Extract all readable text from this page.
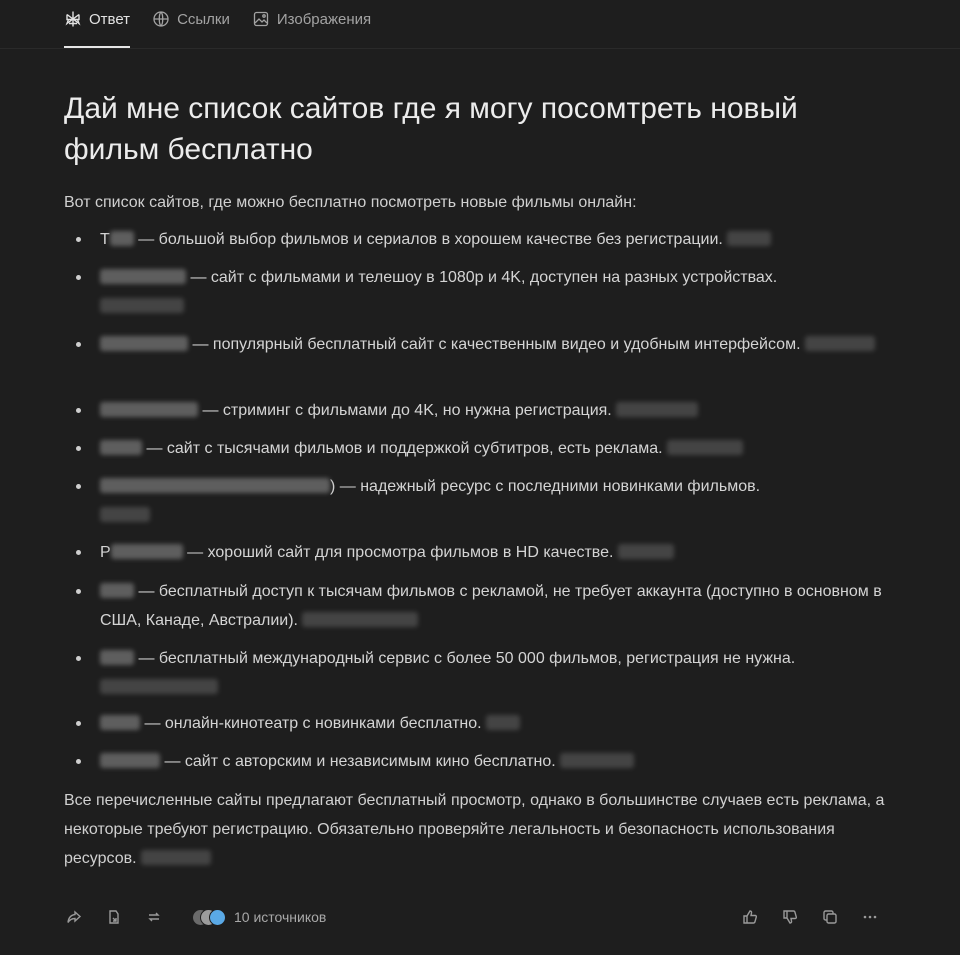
Ответ	Ссылки	Изображения
Дай мне список сайтов где я могу посомтреть новый фильм бесплатно

Вот список сайтов, где можно бесплатно посмотреть новые фильмы онлайн:

T — большой выбор фильмов и сериалов в хорошем качестве без регистрации.
— сайт с фильмами и телешоу в 1080p и 4K, доступен на разных устройствах.

— популярный бесплатный сайт с качественным видео и удобным интерфейсом.
— стриминг с фильмами до 4K, но нужна регистрация.
— сайт с тысячами фильмов и поддержкой субтитров, есть реклама.
) — надежный ресурс с последними новинками фильмов.

P	— хороший сайт для просмотра фильмов в HD качестве.
— бесплатный доступ к тысячам фильмов с рекламой, не требует аккаунта (доступно в основном в США, Канаде, Австралии).
— бесплатный международный сервис с более 50 000 фильмов, регистрация не нужна.
— онлайн-кинотеатр с новинками бесплатно.
— сайт с авторским и независимым кино бесплатно.

Все перечисленные сайты предлагают бесплатный просмотр, однако в большинстве случаев есть реклама, а некоторые требуют регистрацию. Обязательно проверяйте легальность и безопасность использования ресурсов.

10 источников
